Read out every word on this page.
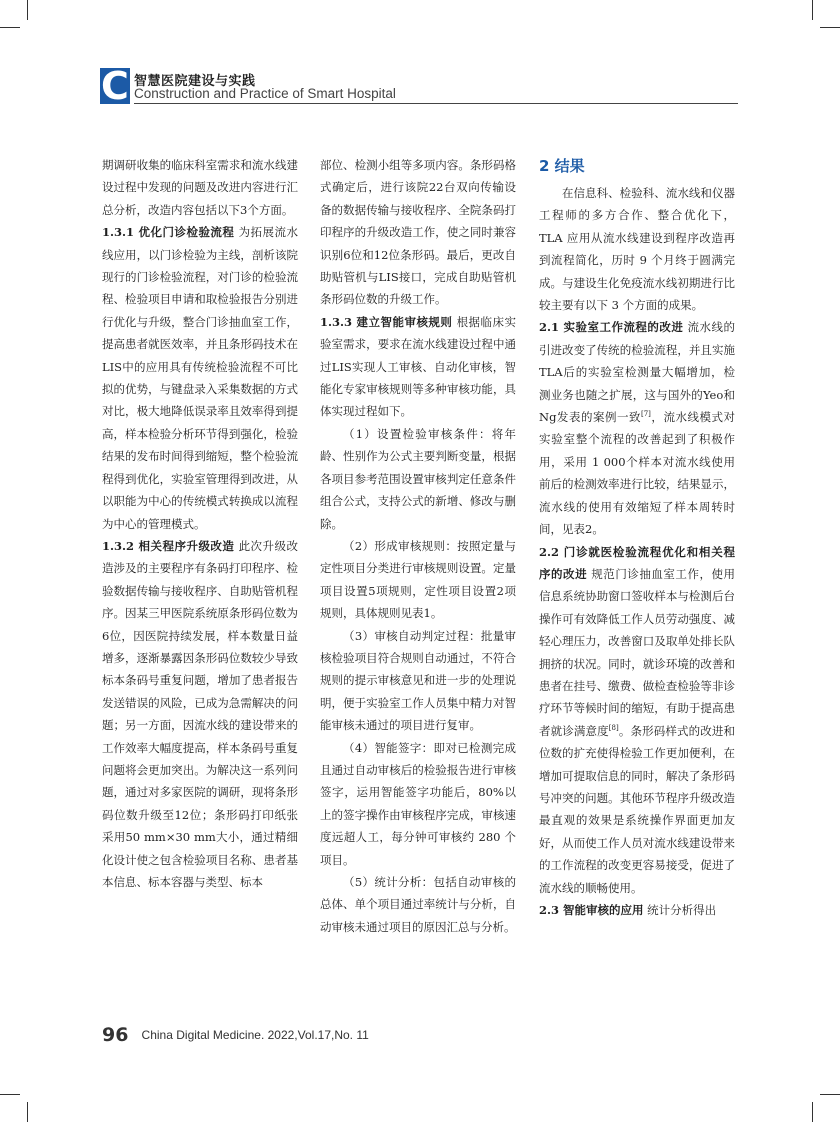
C 智慧医院建设与实践
Construction and Practice of Smart Hospital

期调研收集的临床科室需求和流水线建设过程中发现的问题及改进内容进行汇总分析，改造内容包括以下3个方面。

1.3.1 优化门诊检验流程 为拓展流水线应用，以门诊检验为主线，剖析该院现行的门诊检验流程，对门诊的检验流程、检验项目申请和取检验报告分别进行优化与升级，整合门诊抽血室工作，提高患者就医效率，并且条形码技术在LIS中的应用具有传统检验流程不可比拟的优势，与键盘录入采集数据的方式对比，极大地降低误录率且效率得到提高，样本检验分析环节得到强化，检验结果的发布时间得到缩短，整个检验流程得到优化，实验室管理得到改进，从以职能为中心的传统模式转换成以流程为中心的管理模式。

1.3.2 相关程序升级改造 此次升级改造涉及的主要程序有条码打印程序、检验数据传输与接收程序、自助贴管机程序。因某三甲医院系统原条形码位数为6位，因医院持续发展，样本数量日益增多，逐渐暴露因条形码位数较少导致标本条码号重复问题，增加了患者报告发送错误的风险，已成为急需解决的问题；另一方面，因流水线的建设带来的工作效率大幅度提高，样本条码号重复问题将会更加突出。为解决这一系列问题，通过对多家医院的调研，现将条形码位数升级至12位；条形码打印纸张采用50 mm×30 mm大小，通过精细化设计使之包含检验项目名称、患者基本信息、标本容器与类型、标本

部位、检测小组等多项内容。条形码格式确定后，进行该院22台双向传输设备的数据传输与接收程序、全院条码打印程序的升级改造工作，使之同时兼容识别6位和12位条形码。最后，更改自助贴管机与LIS接口，完成自助贴管机条形码位数的升级工作。

1.3.3 建立智能审核规则 根据临床实验室需求，要求在流水线建设过程中通过LIS实现人工审核、自动化审核，智能化专家审核规则等多种审核功能，具体实现过程如下。

（1）设置检验审核条件：将年龄、性别作为公式主要判断变量，根据各项目参考范围设置审核判定任意条件组合公式，支持公式的新增、修改与删除。

（2）形成审核规则：按照定量与定性项目分类进行审核规则设置。定量项目设置5项规则，定性项目设置2项规则，具体规则见表1。

（3）审核自动判定过程：批量审核检验项目符合规则自动通过，不符合规则的提示审核意见和进一步的处理说明，便于实验室工作人员集中精力对智能审核未通过的项目进行复审。

（4）智能签字：即对已检测完成且通过自动审核后的检验报告进行审核签字，运用智能签字功能后，80%以上的签字操作由审核程序完成，审核速度远超人工，每分钟可审核约 280 个项目。

（5）统计分析：包括自动审核的总体、单个项目通过率统计与分析，自动审核未通过项目的原因汇总与分析。

2 结果

在信息科、检验科、流水线和仪器工程师的多方合作、整合优化下，TLA 应用从流水线建设到程序改造再到流程简化，历时 9 个月终于圆满完成。与建设生化免疫流水线初期进行比较主要有以下 3 个方面的成果。

2.1 实验室工作流程的改进 流水线的引进改变了传统的检验流程，并且实施TLA后的实验室检测量大幅增加，检测业务也随之扩展，这与国外的Yeo和Ng发表的案例一致[7]，流水线模式对实验室整个流程的改善起到了积极作用，采用 1 000个样本对流水线使用前后的检测效率进行比较，结果显示，流水线的使用有效缩短了样本周转时间，见表2。

2.2 门诊就医检验流程优化和相关程序的改进 规范门诊抽血室工作，使用信息系统协助窗口签收样本与检测后台操作可有效降低工作人员劳动强度、减轻心理压力，改善窗口及取单处排长队拥挤的状况。同时，就诊环境的改善和患者在挂号、缴费、做检查检验等非诊疗环节等候时间的缩短，有助于提高患者就诊满意度[8]。条形码样式的改进和位数的扩充使得检验工作更加便利，在增加可提取信息的同时，解决了条形码号冲突的问题。其他环节程序升级改造最直观的效果是系统操作界面更加友好，从而使工作人员对流水线建设带来的工作流程的改变更容易接受，促进了流水线的顺畅使用。

2.3 智能审核的应用 统计分析得出

96 China Digital Medicine. 2022,Vol.17,No. 11
